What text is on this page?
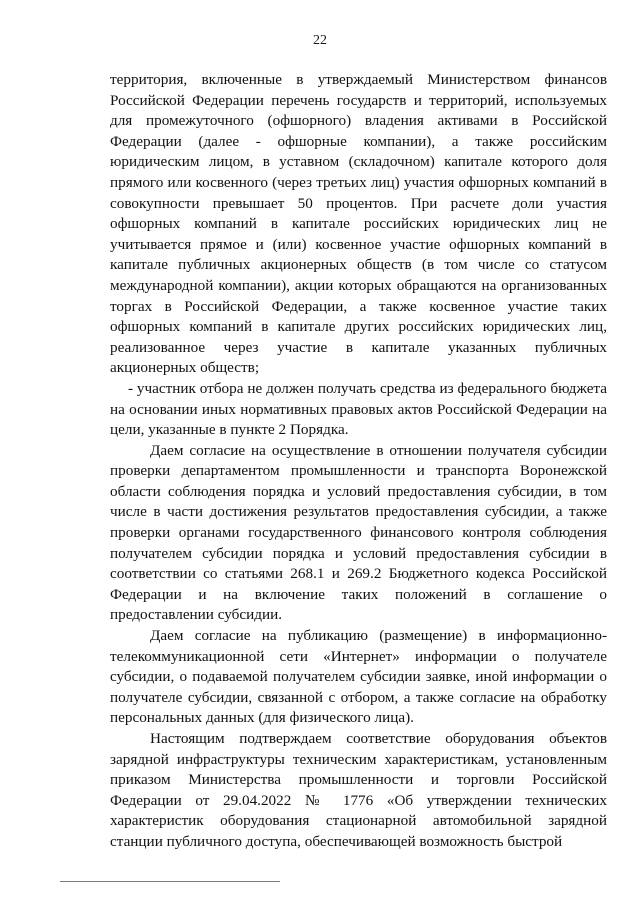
22

территория, включенные в утверждаемый Министерством финансов Российской Федерации перечень государств и территорий, используемых для промежуточного (офшорного) владения активами в Российской Федерации (далее - офшорные компании), а также российским юридическим лицом, в уставном (складочном) капитале которого доля прямого или косвенного (через третьих лиц) участия офшорных компаний в совокупности превышает 50 процентов. При расчете доли участия офшорных компаний в капитале российских юридических лиц не учитывается прямое и (или) косвенное участие офшорных компаний в капитале публичных акционерных обществ (в том числе со статусом международной компании), акции которых обращаются на организованных торгах в Российской Федерации, а также косвенное участие таких офшорных компаний в капитале других российских юридических лиц, реализованное через участие в капитале указанных публичных акционерных обществ;

- участник отбора не должен получать средства из федерального бюджета на основании иных нормативных правовых актов Российской Федерации на цели, указанные в пункте 2 Порядка.

Даем согласие на осуществление в отношении получателя субсидии проверки департаментом промышленности и транспорта Воронежской области соблюдения порядка и условий предоставления субсидии, в том числе в части достижения результатов предоставления субсидии, а также проверки органами государственного финансового контроля соблюдения получателем субсидии порядка и условий предоставления субсидии в соответствии со статьями 268.1 и 269.2 Бюджетного кодекса Российской Федерации и на включение таких положений в соглашение о предоставлении субсидии.

Даем согласие на публикацию (размещение) в информационно-телекоммуникационной сети «Интернет» информации о получателе субсидии, о подаваемой получателем субсидии заявке, иной информации о получателе субсидии, связанной с отбором, а также согласие на обработку персональных данных (для физического лица).

Настоящим подтверждаем соответствие оборудования объектов зарядной инфраструктуры техническим характеристикам, установленным приказом Министерства промышленности и торговли Российской Федерации от 29.04.2022 № 1776 «Об утверждении технических характеристик оборудования стационарной автомобильной зарядной станции публичного доступа, обеспечивающей возможность быстрой
